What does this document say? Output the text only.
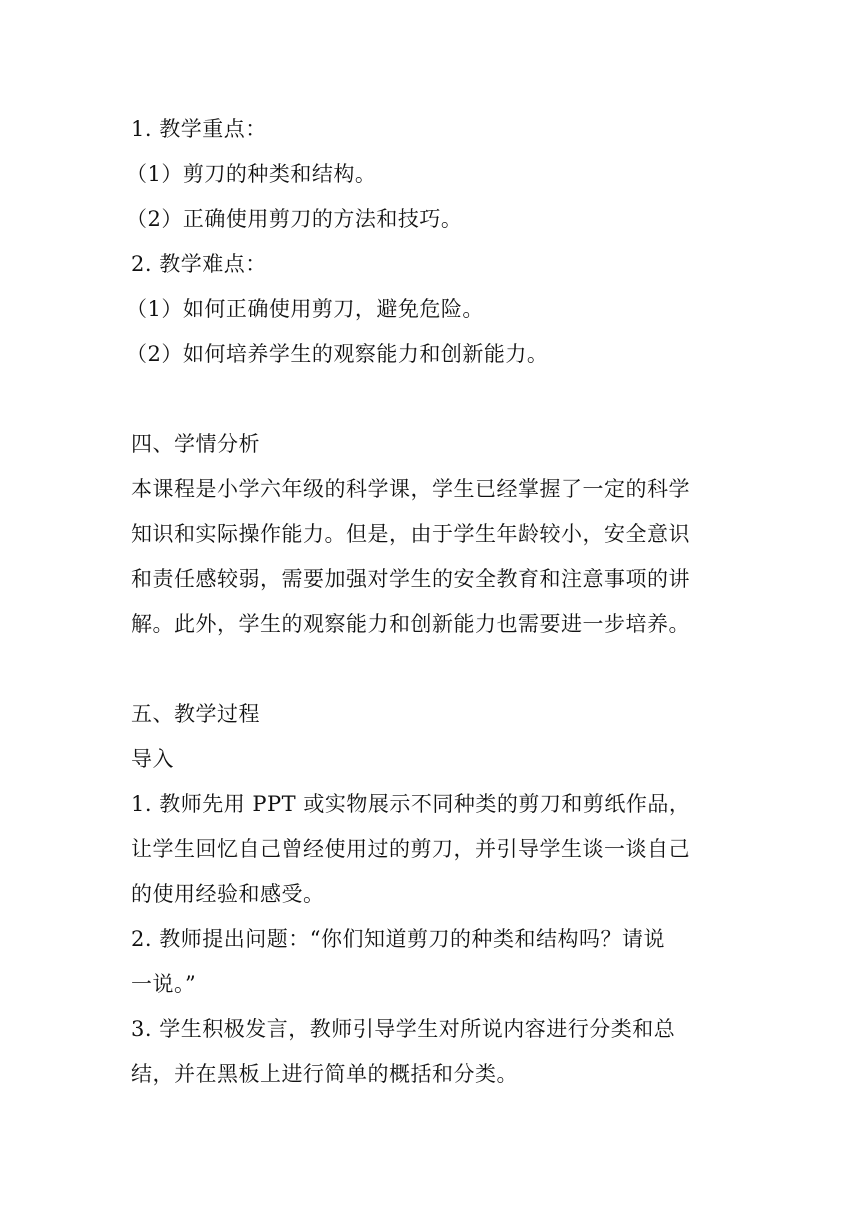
1. 教学重点：
（1）剪刀的种类和结构。
（2）正确使用剪刀的方法和技巧。
2. 教学难点：
（1）如何正确使用剪刀，避免危险。
（2）如何培养学生的观察能力和创新能力。
四、学情分析
本课程是小学六年级的科学课，学生已经掌握了一定的科学
知识和实际操作能力。但是，由于学生年龄较小，安全意识
和责任感较弱，需要加强对学生的安全教育和注意事项的讲
解。此外，学生的观察能力和创新能力也需要进一步培养。
五、教学过程
导入
1. 教师先用 PPT 或实物展示不同种类的剪刀和剪纸作品，
让学生回忆自己曾经使用过的剪刀，并引导学生谈一谈自己
的使用经验和感受。
2. 教师提出问题：“你们知道剪刀的种类和结构吗？请说
一说。”
3. 学生积极发言，教师引导学生对所说内容进行分类和总
结，并在黑板上进行简单的概括和分类。
